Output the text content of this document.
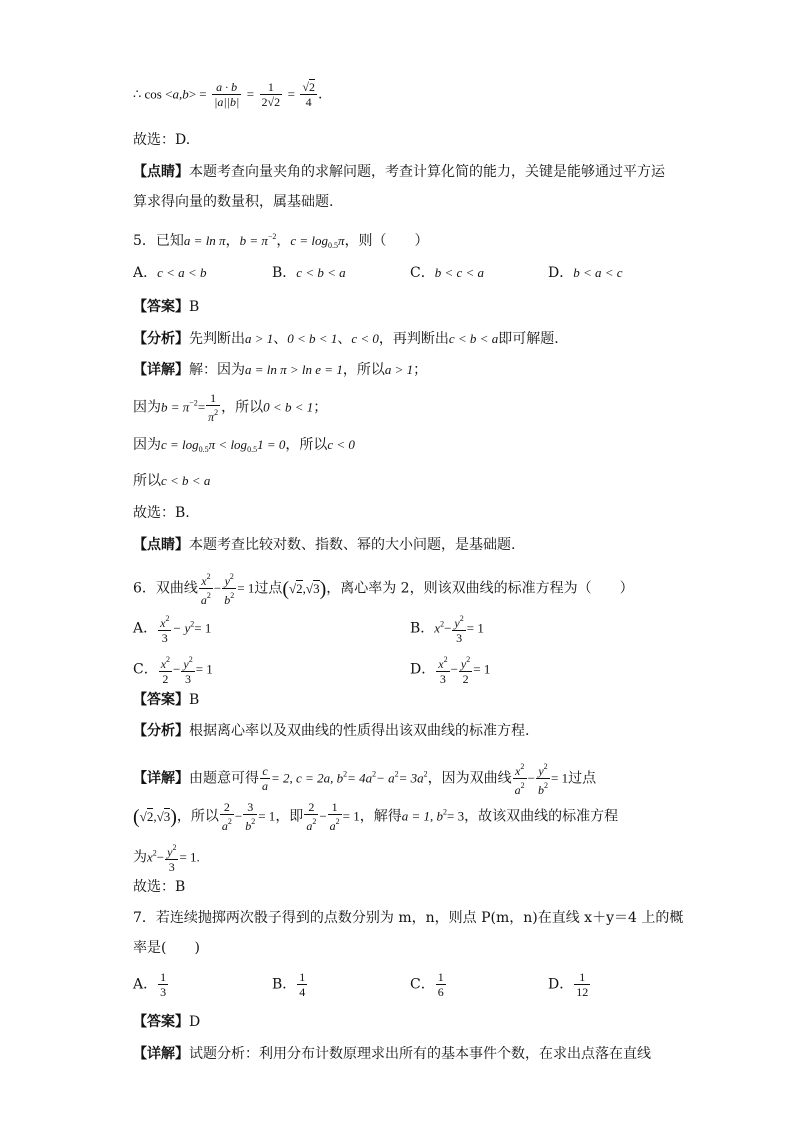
∴ $\cos <a,b> = \frac{a \cdot b}{|a||b|} = \frac{1}{2√2} = \frac{√2}{4}$ .
故选：D.
【点睛】本题考查向量夹角的求解问题，考查计算化简的能力，关键是能够通过平方运
算求得向量的数量积，属基础题.
5．已知a = ln π，$b = \pi^{-2}$，$c = \log_{0.5}\pi$，则（　　）
A．c < a < b	B．c < b < a	C．b < c < a	D．b < a < c
【答案】B
【分析】先判断出a > 1、0 < b < 1、c < 0，再判断出c < b < a即可解题.
【详解】解：因为a = ln π > ln e = 1，所以a > 1；
因为$b = \pi^{-2}= \frac{1}{\pi^2}$ ，所以0 < b < 1；
因为$c = \log_{0.5}\pi < \log_{0.5}1 = 0$，所以c < 0
所以c < b < a
故选：B.
【点睛】本题考查比较对数、指数、幂的大小问题，是基础题.
6．双曲线 $\frac{x^2}{a^2} - \frac{y^2}{b^2} = 1$过点(√2,√3)，离心率为 2，则该双曲线的标准方程为（　　）
A． $\frac{x^2}{3} - y^2= 1$	B．$x^2- \frac{y^2}{3} = 1$
C． $\frac{x^2}{2} - \frac{y^2}{3} = 1$	D． $\frac{x^2}{3} - \frac{y^2}{2} = 1$
【答案】B
【分析】根据离心率以及双曲线的性质得出该双曲线的标准方程.
【详解】由题意可得 $\frac{c}{a} = 2$, c = 2a, $b^2= 4a^2- a^2= 3a^2$，因为双曲线 $\frac{x^2}{a^2} - \frac{y^2}{b^2} = 1$过点
(√2,√3)，所以 $\frac{2}{a^2} - \frac{3}{b^2} = 1$，即 $\frac{2}{a^2} - \frac{1}{a^2} = 1$，解得a = 1, $b^2= 3$，故该双曲线的标准方程
为$x^2- \frac{y^2}{3} = 1$.
故选：B
7．若连续抛掷两次骰子得到的点数分别为 m，n，则点 P(m，n)在直线 x＋y＝4 上的概
率是(　　)
A． $\frac{1}{3}$	B． $\frac{1}{4}$	C． $\frac{1}{6}$	D． $\frac{1}{12}$
【答案】D
【详解】试题分析：利用分布计数原理求出所有的基本事件个数，在求出点落在直线
